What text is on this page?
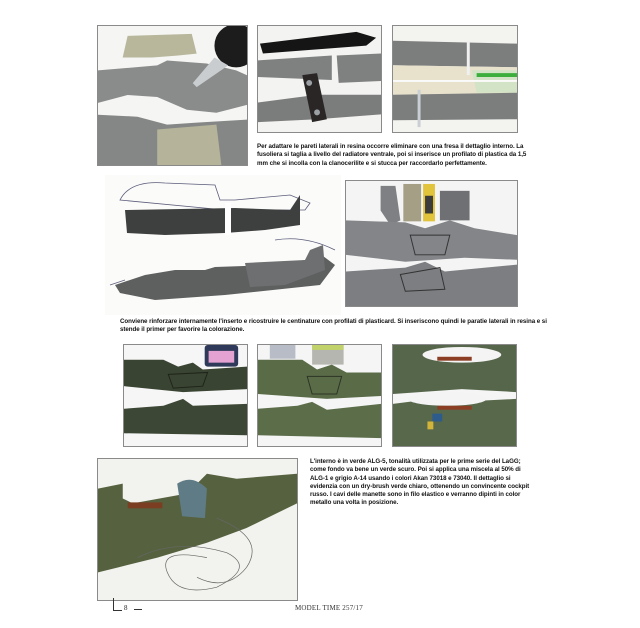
Per adattare le pareti laterali in resina occorre eliminare con una fresa il dettaglio interno. La fusoliera si taglia a livello del radiatore ventrale, poi si inserisce un profilato di plastica da 1,5 mm che si incolla con la clanocerilite e si stucca per raccordarlo perfettamente.
Conviene rinforzare internamente l'inserto e ricostruire le centinature con profilati di plasticard. Si inseriscono quindi le paratie laterali in resina e si stende il primer per favorire la colorazione.
L'interno è in verde ALG-5, tonalità utilizzata per le prime serie del LaGG; come fondo va bene un verde scuro. Poi si applica una miscela al 50% di ALG-1 e grigio A-14 usando i colori Akan 73018 e 73040. Il dettaglio si evidenzia con un dry-brush verde chiaro, ottenendo un convincente cockpit russo. I cavi delle manette sono in filo elastico e verranno dipinti in color metallo una volta in posizione.
8	MODEL TIME 257/17
